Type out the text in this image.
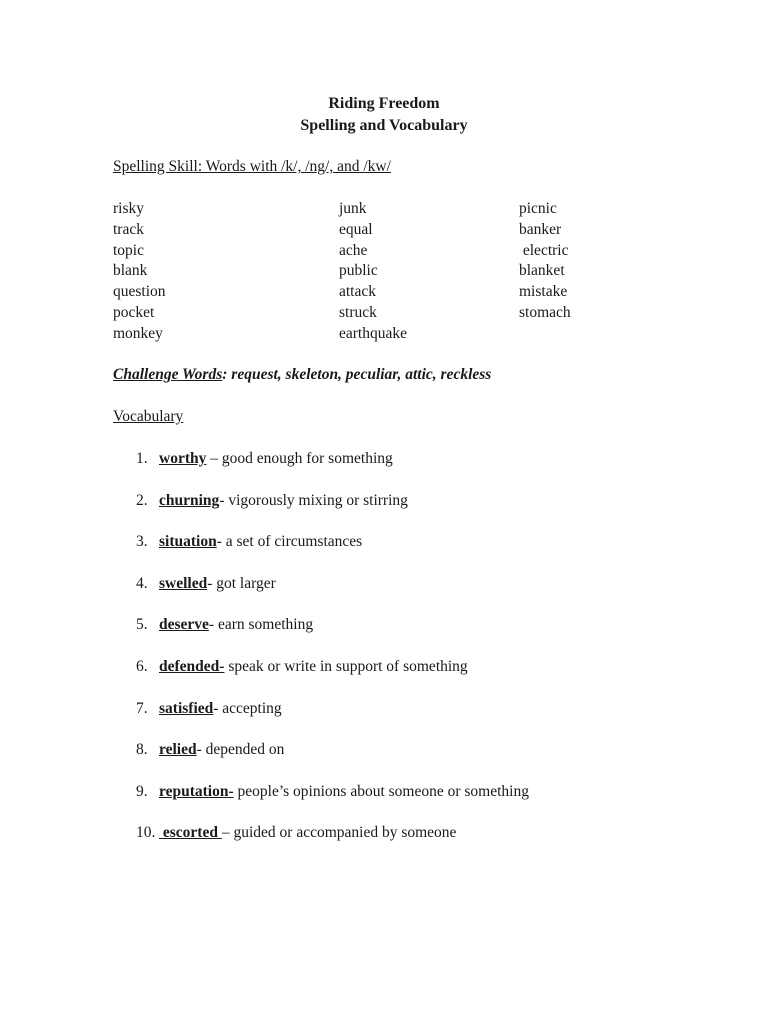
Riding Freedom
Spelling and Vocabulary
Spelling Skill: Words with /k/, /ng/, and /kw/
risky
track
topic
blank
question
pocket
monkey
junk
equal
ache
public
attack
struck
earthquake
picnic
banker
electric
blanket
mistake
stomach
Challenge Words: request, skeleton, peculiar, attic, reckless
Vocabulary
1. worthy – good enough for something
2. churning- vigorously mixing or stirring
3. situation- a set of circumstances
4. swelled- got larger
5. deserve- earn something
6. defended- speak or write in support of something
7. satisfied- accepting
8. relied- depended on
9. reputation- people’s opinions about someone or something
10. escorted – guided or accompanied by someone
